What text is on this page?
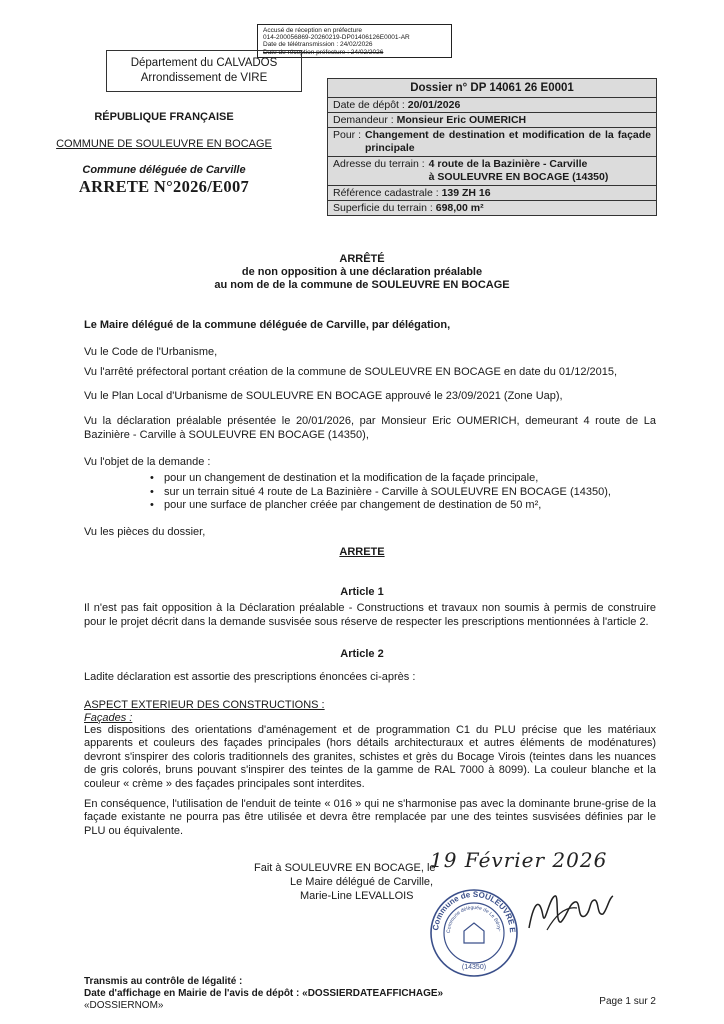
Accusé de réception en préfecture
014-200056869-20260219-DP01406126E0001-AR
Date de télétransmission : 24/02/2026
Date de réception préfecture : 24/02/2026
Département du CALVADOS
Arrondissement de VIRE
RÉPUBLIQUE FRANÇAISE
COMMUNE DE SOULEUVRE EN BOCAGE
Commune déléguée de Carville
ARRETE N°2026/E007
Dossier n° DP 14061 26 E0001
Date de dépôt : 20/01/2026
Demandeur : Monsieur Eric OUMERICH
Pour : Changement de destination et modification de la façade principale
Adresse du terrain : 4 route de la Bazinière - Carville
à SOULEUVRE EN BOCAGE (14350)
Référence cadastrale : 139 ZH 16
Superficie du terrain : 698,00 m²
ARRÊTÉ
de non opposition à une déclaration préalable
au nom de de la commune de SOULEUVRE EN BOCAGE
Le Maire délégué de la commune déléguée de Carville, par délégation,
Vu le Code de l'Urbanisme,
Vu l'arrêté préfectoral portant création de la commune de SOULEUVRE EN BOCAGE en date du 01/12/2015,
Vu le Plan Local d'Urbanisme de SOULEUVRE EN BOCAGE approuvé le 23/09/2021 (Zone Uap),
Vu la déclaration préalable présentée le 20/01/2026, par Monsieur Eric OUMERICH, demeurant 4 route de La Bazinière - Carville à SOULEUVRE EN BOCAGE (14350),
Vu l'objet de la demande :
• pour un changement de destination et la modification de la façade principale,
• sur un terrain situé 4 route de La Bazinière - Carville à SOULEUVRE EN BOCAGE (14350),
• pour une surface de plancher créée par changement de destination de 50 m²,
Vu les pièces du dossier,
ARRETE
Article 1
Il n'est pas fait opposition à la Déclaration préalable - Constructions et travaux non soumis à permis de construire pour le projet décrit dans la demande susvisée sous réserve de respecter les prescriptions mentionnées à l'article 2.
Article 2
Ladite déclaration est assortie des prescriptions énoncées ci-après :
ASPECT EXTERIEUR DES CONSTRUCTIONS :
Façades :
Les dispositions des orientations d'aménagement et de programmation C1 du PLU précise que les matériaux apparents et couleurs des façades principales (hors détails architecturaux et autres éléments de modénatures) devront s'inspirer des coloris traditionnels des granites, schistes et grès du Bocage Virois (teintes dans les nuances de gris colorés, bruns pouvant s'inspirer des teintes de la gamme de RAL 7000 à 8099). La couleur blanche et la couleur « crème » des façades principales sont interdites.
En conséquence, l'utilisation de l'enduit de teinte « 016 » qui ne s'harmonise pas avec la dominante brune-grise de la façade existante ne pourra pas être utilisée et devra être remplacée par une des teintes susvisées définies par le PLU ou équivalente.
Fait à SOULEUVRE EN BOCAGE, le
19 Février 2026
Le Maire délégué de Carville,
Marie-Line LEVALLOIS
Commune de SOULEUVRE E
Commune déléguée de Le Bény-
(14350)
Transmis au contrôle de légalité :
Date d'affichage en Mairie de l'avis de dépôt : «DOSSIERDATEAFFICHAGE»
«DOSSIERNOM»	Page 1 sur 2
